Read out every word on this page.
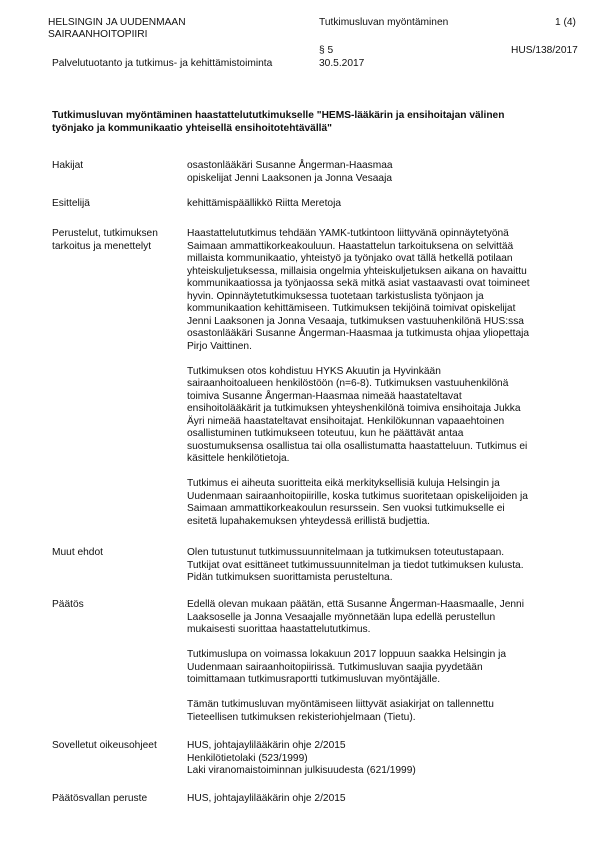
HELSINGIN JA UUDENMAAN
SAIRAANHOITOPIIRI
Palvelutuotanto ja tutkimus- ja kehittämistoiminta
Tutkimusluvan myöntäminen	1 (4)
§ 5
30.5.2017
HUS/138/2017
Tutkimusluvan myöntäminen haastattelututkimukselle "HEMS-lääkärin ja ensihoitajan välinen
työnjako ja kommunikaatio yhteisellä ensihoitotehtävällä"
Hakijat	osastonlääkäri Susanne Ångerman-Haasmaa
opiskelijat Jenni Laaksonen ja Jonna Vesaaja
Esittelijä	kehittämispäällikkö Riitta Meretoja
Perustelut, tutkimuksen
tarkoitus ja menettelyt

Haastattelututkimus tehdään YAMK-tutkintoon liittyvänä opinnäytetyönä
Saimaan ammattikorkeakouluun. Haastattelun tarkoituksena on selvittää
millaista kommunikaatio, yhteistyö ja työnjako ovat tällä hetkellä potilaan
yhteiskuljetuksessa, millaisia ongelmia yhteiskuljetuksen aikana on havaittu
kommunikaatiossa ja työnjaossa sekä mitkä asiat vastaavasti ovat toimineet
hyvin. Opinnäytetutkimuksessa tuotetaan tarkistuslista työnjaon ja
kommunikaation kehittämiseen. Tutkimuksen tekijöinä toimivat opiskelijat
Jenni Laaksonen ja Jonna Vesaaja, tutkimuksen vastuuhenkilönä HUS:ssa
osastonlääkäri Susanne Ångerman-Haasmaa ja tutkimusta ohjaa yliopettaja
Pirjo Vaittinen.

Tutkimuksen otos kohdistuu HYKS Akuutin ja Hyvinkään
sairaanhoitoalueen henkilöstöön (n=6-8). Tutkimuksen vastuuhenkilönä
toimiva Susanne Ångerman-Haasmaa nimeää haastateltavat
ensihoitolääkärit ja tutkimuksen yhteyshenkilönä toimiva ensihoitaja Jukka
Äyri nimeää haastateltavat ensihoitajat. Henkilökunnan vapaaehtoinen
osallistuminen tutkimukseen toteutuu, kun he päättävät antaa
suostumuksensa osallistua tai olla osallistumatta haastatteluun. Tutkimus ei
käsittele henkilötietoja.

Tutkimus ei aiheuta suoritteita eikä merkityksellisiä kuluja Helsingin ja
Uudenmaan sairaanhoitopiirille, koska tutkimus suoritetaan opiskelijoiden ja
Saimaan ammattikorkeakoulun resurssein. Sen vuoksi tutkimukselle ei
esitetä lupahakemuksen yhteydessä erillistä budjettia.

Muut ehdot	Olen tutustunut tutkimussuunnitelmaan ja tutkimuksen toteutustapaan.
Tutkijat ovat esittäneet tutkimussuunnitelman ja tiedot tutkimuksen kulusta.
Pidän tutkimuksen suorittamista perusteltuna.
Päätös	Edellä olevan mukaan päätän, että Susanne Ångerman-Haasmaalle, Jenni
Laaksoselle ja Jonna Vesaajalle myönnetään lupa edellä perustellun
mukaisesti suorittaa haastattelututkimus.

Tutkimuslupa on voimassa lokakuun 2017 loppuun saakka Helsingin ja
Uudenmaan sairaanhoitopiirissä. Tutkimusluvan saajia pyydetään
toimittamaan tutkimusraportti tutkimusluvan myöntäjälle.

Tämän tutkimusluvan myöntämiseen liittyvät asiakirjat on tallennettu
Tieteellisen tutkimuksen rekisteriohjelmaan (Tietu).

Sovelletut oikeusohjeet	HUS, johtajaylilääkärin ohje 2/2015
Henkilötietolaki (523/1999)
Laki viranomaistoiminnan julkisuudesta (621/1999)
Päätösvallan peruste	HUS, johtajaylilääkärin ohje 2/2015
